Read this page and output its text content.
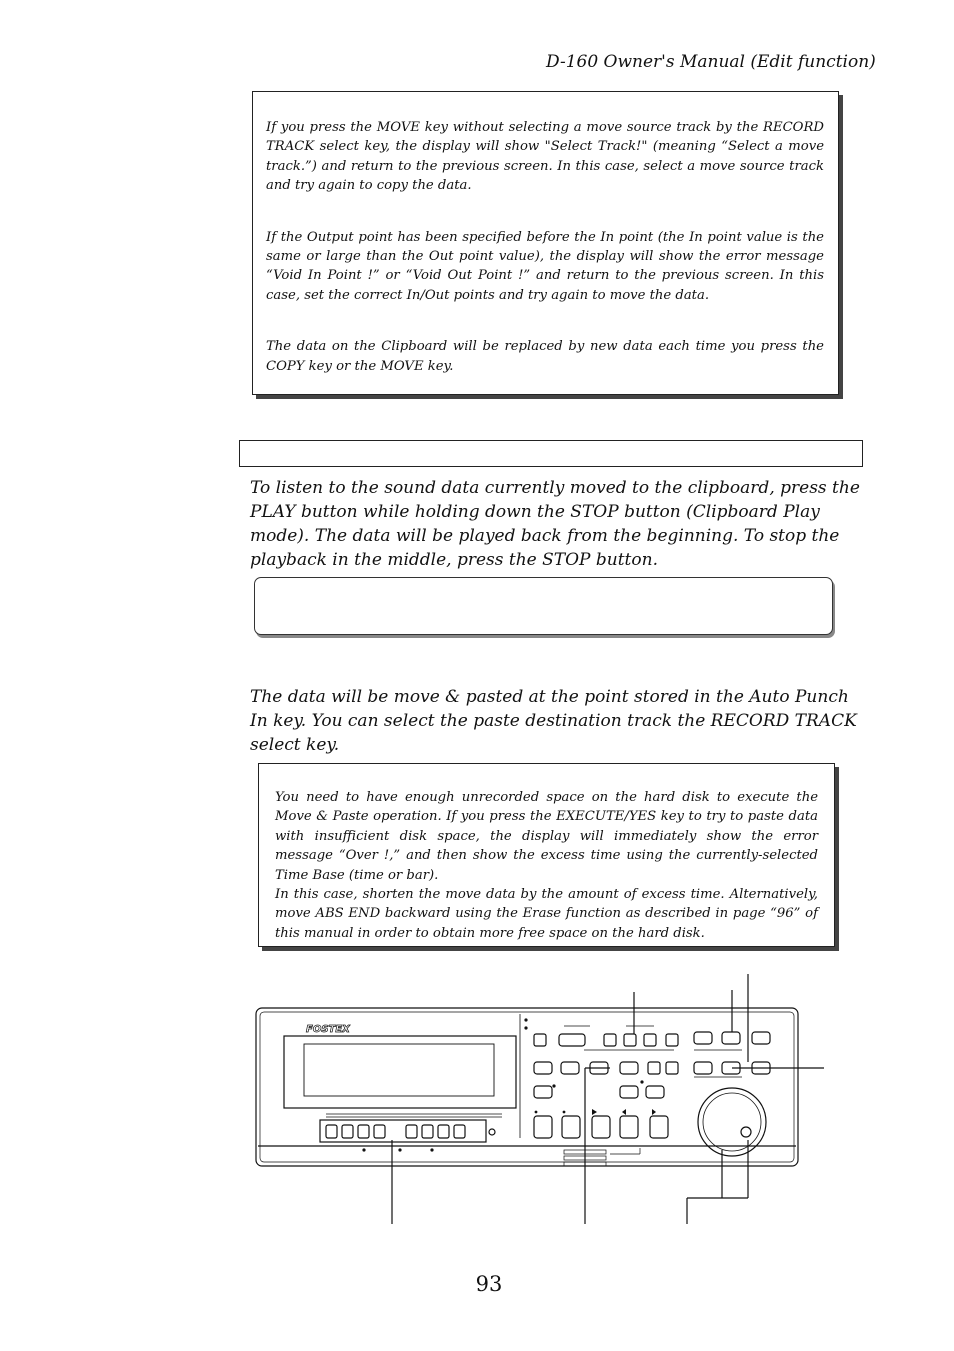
D-160 Owner's Manual (Edit function)

If you press the MOVE key without selecting a move source track by the RECORD TRACK select key, the display will show "Select Track!" (meaning “Select a move track.”) and return to the previous screen. In this case, select a move source track and try again to copy the data.

If the Output point has been specified before the In point (the In point value is the same or large than the Out point value), the display will show the error message “Void In Point !” or “Void Out Point !” and return to the previous screen. In this case, set the correct In/Out points and try again to move the data.

The data on the Clipboard will be replaced by new data each time you press the COPY key or the MOVE key.

To listen to the sound data currently moved to the clipboard, press the PLAY button while holding down the STOP button (Clipboard Play mode). The data will be played back from the beginning. To stop the playback in the middle, press the STOP button.
The data will be move & pasted at the point stored in the Auto Punch In key. You can select the paste destination track the RECORD TRACK select key.

You need to have enough unrecorded space on the hard disk to execute the Move & Paste operation. If you press the EXECUTE/YES key to try to paste data with insufficient disk space, the display will immediately show the error message “Over !,” and then show the excess time using the currently-selected Time Base (time or bar).

In this case, shorten the move data by the amount of excess time. Alternatively, move ABS END backward using the Erase function as described in page “96” of this manual in order to obtain more free space on the hard disk.

FOSTEX
93
